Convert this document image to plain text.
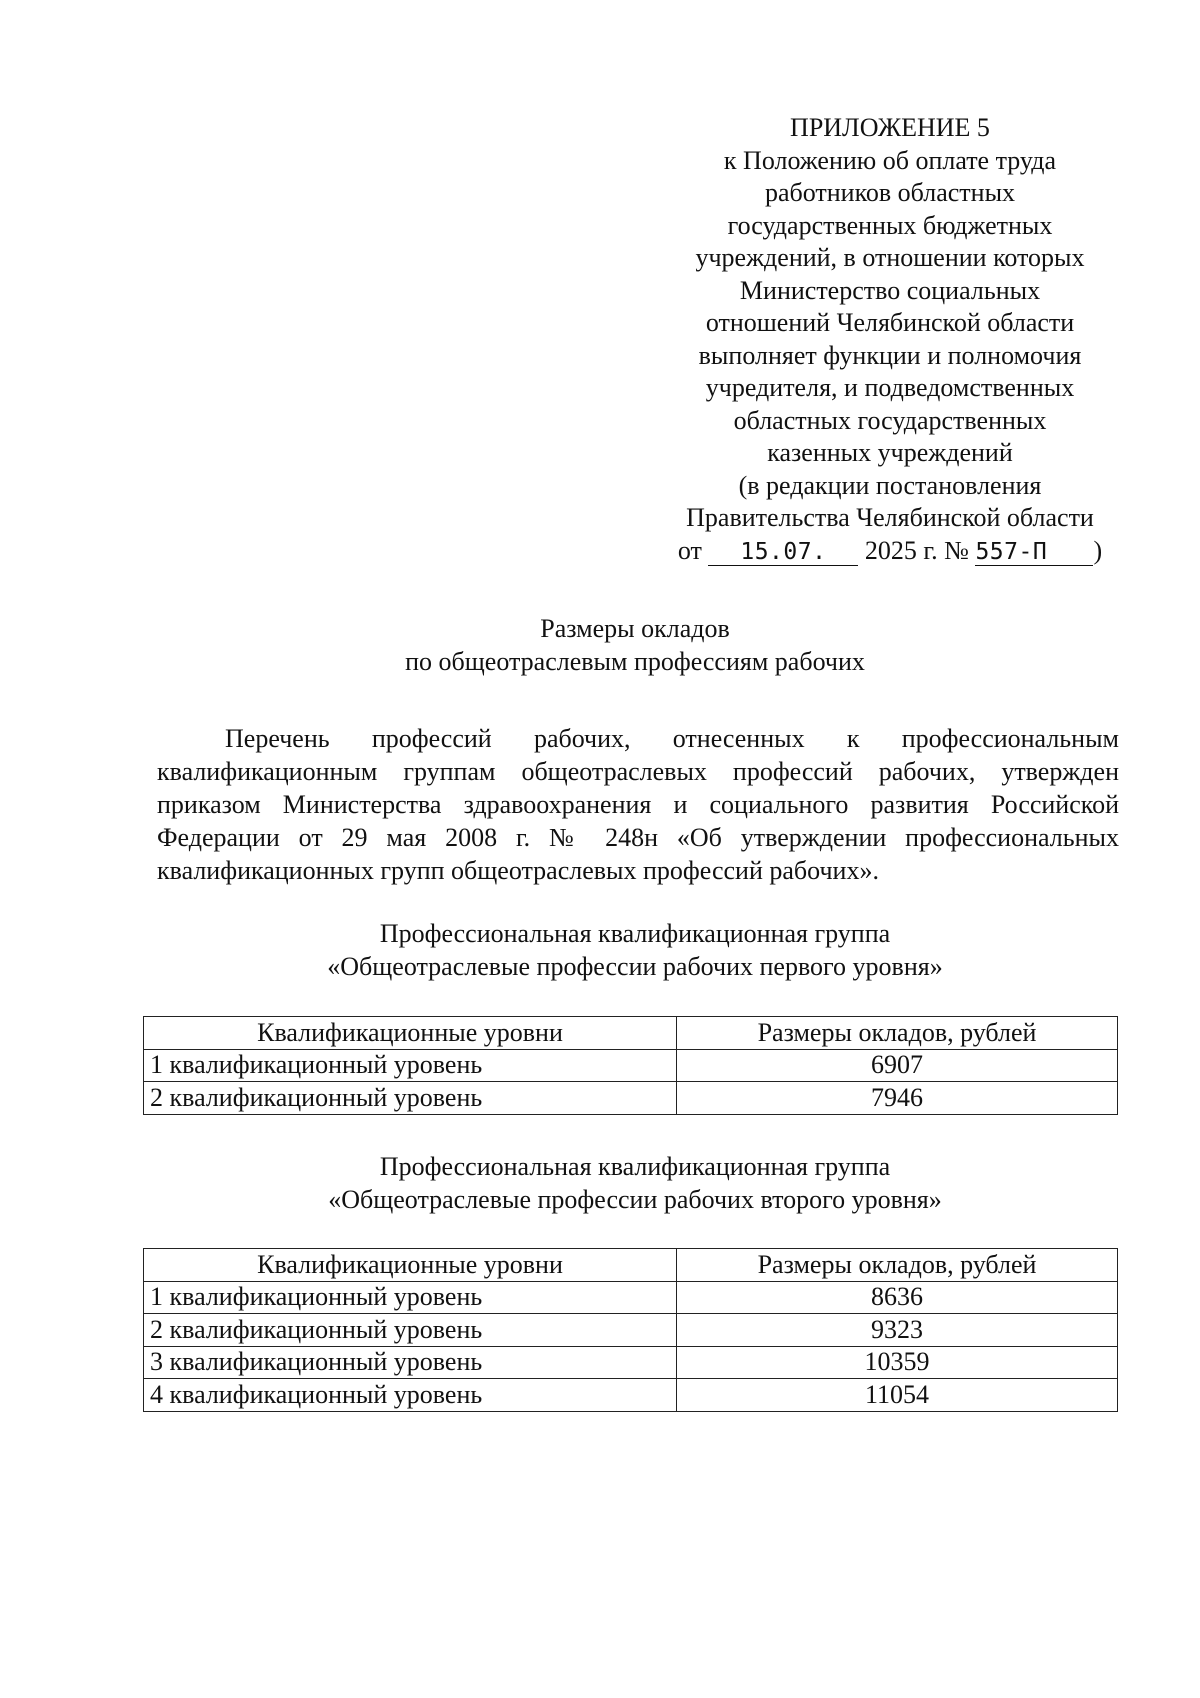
ПРИЛОЖЕНИЕ 5
к Положению об оплате труда
работников областных
государственных бюджетных
учреждений, в отношении которых
Министерство социальных
отношений Челябинской области
выполняет функции и полномочия
учредителя, и подведомственных
областных государственных
казенных учреждений
(в редакции постановления
Правительства Челябинской области
от 15.07. 2025 г. № 557-П )
Размеры окладов
по общеотраслевым профессиям рабочих

Перечень профессий рабочих, отнесенных к профессиональным квалификационным группам общеотраслевых профессий рабочих, утвержден приказом Министерства здравоохранения и социального развития Российской Федерации от 29 мая 2008 г. № 248н «Об утверждении профессиональных квалификационных групп общеотраслевых профессий рабочих».

Профессиональная квалификационная группа
«Общеотраслевые профессии рабочих первого уровня»
Квалификационные уровни	Размеры окладов, рублей
1 квалификационный уровень	6907
2 квалификационный уровень	7946
Профессиональная квалификационная группа
«Общеотраслевые профессии рабочих второго уровня»
Квалификационные уровни	Размеры окладов, рублей
1 квалификационный уровень	8636
2 квалификационный уровень	9323
3 квалификационный уровень	10359
4 квалификационный уровень	11054
